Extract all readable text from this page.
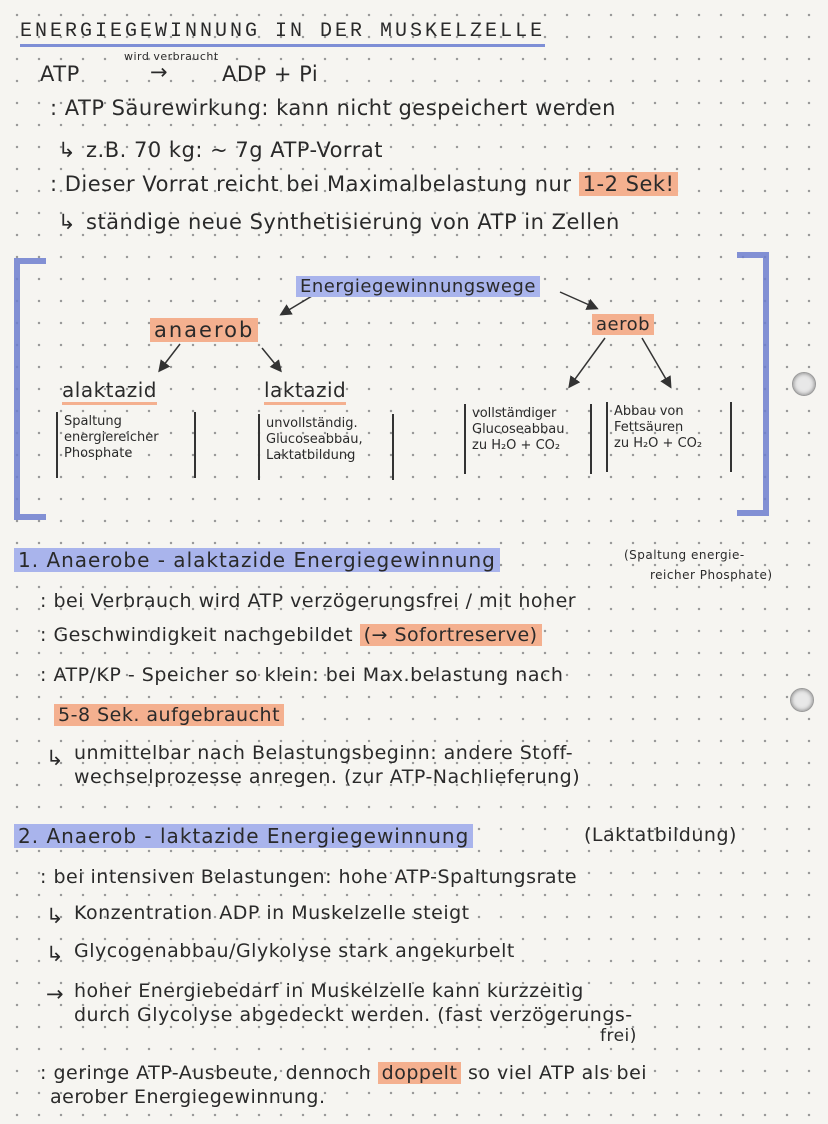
ENERGIEGEWINNUNG IN DER MUSKELZELLE
wird verbraucht
ATP	→	ADP + Pi
: ATP Säurewirkung: kann nicht gespeichert werden
↳ z.B. 70 kg: ~ 7g ATP-Vorrat
: Dieser Vorrat reicht bei Maximalbelastung nur 1-2 Sek!
↳ ständige neue Synthetisierung von ATP in Zellen
Energiegewinnungswege
anaerob	aerob
alaktazid	laktazid
Spaltung
energiereicher
Phosphate
unvollständig.
Glucoseabbau,
Laktatbildung
vollständiger
Glucoseabbau
zu H₂O + CO₂
Abbau von
Fettsäuren
zu H₂O + CO₂
1. Anaerobe - alaktazide Energiegewinnung	(Spaltung energie-
reicher Phosphate)
: bei Verbrauch wird ATP verzögerungsfrei / mit hoher
: Geschwindigkeit nachgebildet (→ Sofortreserve)
: ATP/KP - Speicher so klein: bei Max.belastung nach
5-8 Sek. aufgebraucht
↳ unmittelbar nach Belastungsbeginn: andere Stoff-
wechselprozesse anregen. (zur ATP-Nachlieferung)
2. Anaerob - laktazide Energiegewinnung	(Laktatbildung)
: bei intensiven Belastungen: hohe ATP-Spaltungsrate
↳ Konzentration ADP in Muskelzelle steigt
↳ Glycogenabbau/Glykolyse stark angekurbelt
→ hoher Energiebedarf in Muskelzelle kann kurzzeitig
durch Glycolyse abgedeckt werden. (fast verzögerungs-
frei)
: geringe ATP-Ausbeute, dennoch doppelt so viel ATP als bei
aerober Energiegewinnung.
